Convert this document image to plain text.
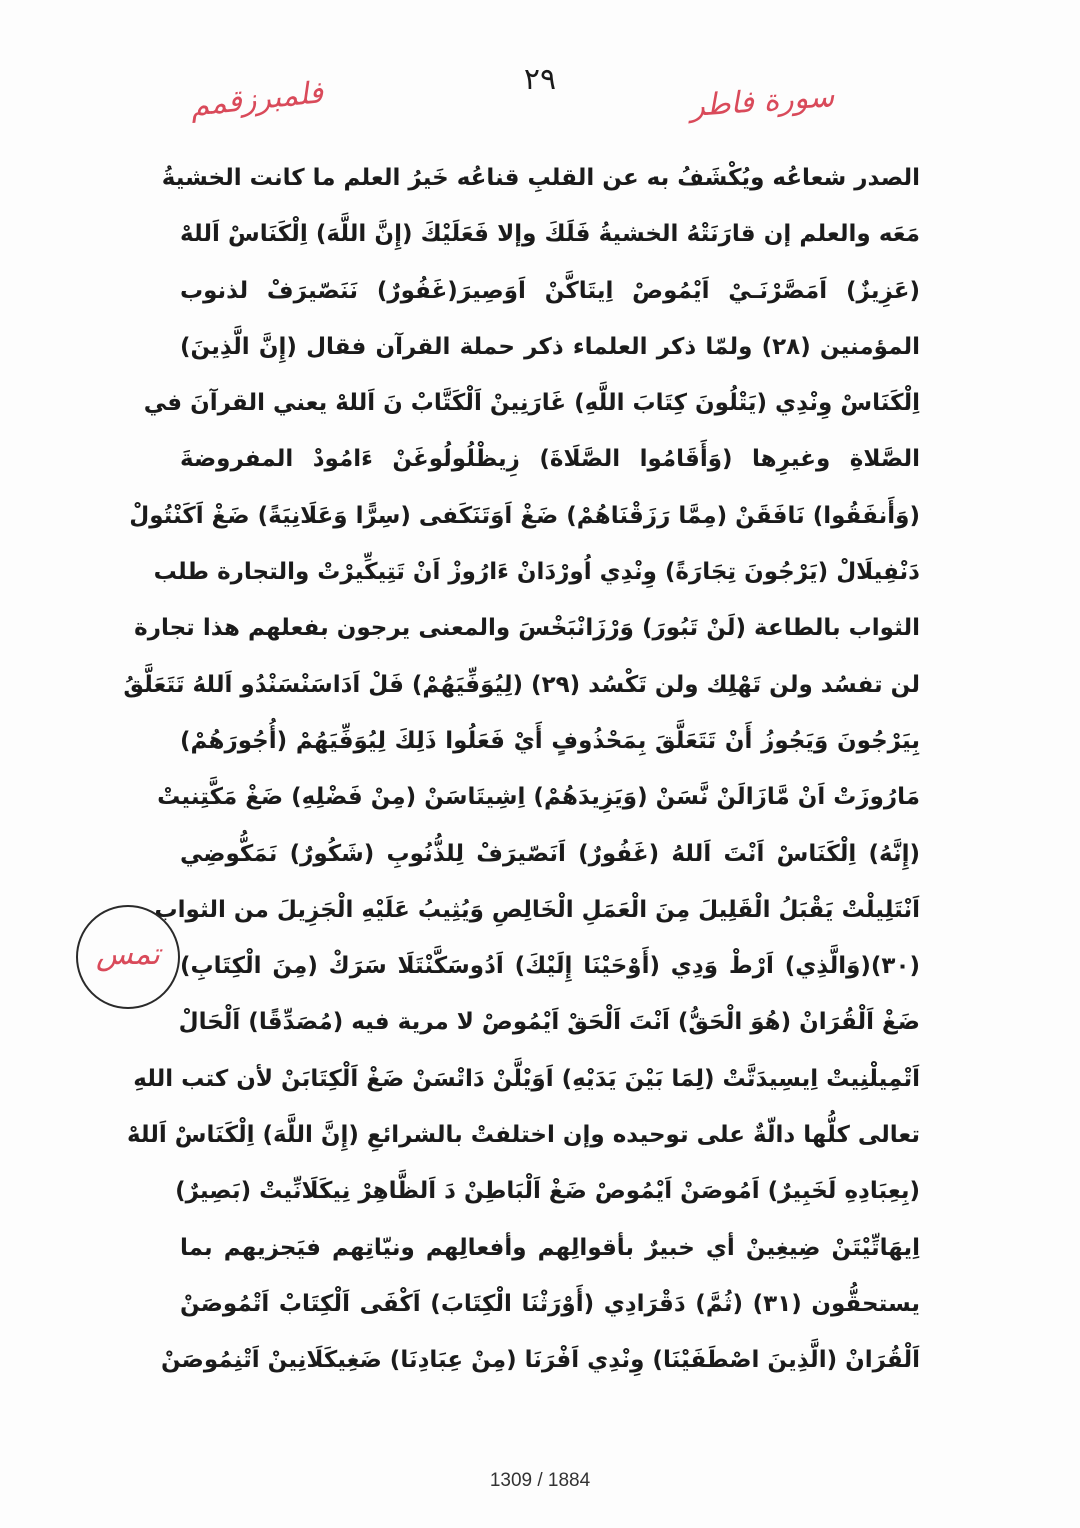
٢٩
فلمبرزقمم	سورة فاطر
الصدر شعاعُه ويُكْشَفُ به عن القلبِ قناعُه خَيرُ العلم ما كانت الخشيةُ
مَعَه والعلم إن قارَنَتْهُ الخشيةُ فَلَكَ وإلا فَعَلَيْكَ (إِنَّ اللَّهَ) اِلْكَنَاسْ اَللهْ
(عَزِيزٌ) اَمَصَّرْنَـيْ اَيْمُوصْ اِيتَاكَّنْ اَوَصِيرَ(غَفُورٌ) نَنَصّيرَفْ لذنوب
المؤمنين (٢٨) ولمّا ذكر العلماء ذكر حملة القرآن فقال (إِنَّ الَّذِينَ)
اِلْكَنَاسْ وِنْدِي (يَتْلُونَ كِتَابَ اللَّهِ) غَارَنِينْ اَلْكَتَّابْ نَ اَللهْ يعني القرآنَ في
الصَّلاةِ وغيرِها (وَأَقَامُوا الصَّلَاةَ) زِيظْلُولُوغَنْ ءَامُودْ المفروضةَ
(وَأَنفَقُوا) نَافَقَنْ (مِمَّا رَزَقْنَاهُمْ) ضَغْ اَوَتَنَكَفى (سِرًّا وَعَلَانِيَةً) ضَغْ اَكَنْتُولْ
دَنْفِيلَالْ (يَرْجُونَ تِجَارَةً) وِنْدِي اُورْدَانْ ءَارُوزْ اَنْ تَتِيكِّيرْتْ والتجارة طلب
الثواب بالطاعة (لَنْ تَبُورَ) وَرْزَانْبَخْسَ والمعنى يرجون بفعلهم هذا تجارة
لن تفسُد ولن تَهْلِك ولن تَكْسُد (٢٩) (لِيُوَفِّيَهُمْ) فَلْ اَدَاسَنْسَنْدُو اَللهُ تَتَعَلَّقُ
بِيَرْجُونَ وَيَجُوزُ أَنْ تَتَعَلَّقَ بِمَحْذُوفٍ أَيْ فَعَلُوا ذَلِكَ لِيُوَفِّيَهُمْ (أُجُورَهُمْ)
مَارُوزَتْ اَنْ مَّازَالَنْ نَّسَنْ (وَيَزِيدَهُمْ) اِشِيتَاسَنْ (مِنْ فَضْلِهِ) ضَغْ مَكَّتِنيتْ
(إِنَّهُ) اِلْكَنَاسْ اَنْتَ اَللهُ (غَفُورٌ) اَنَصّيرَفْ لِلذُّنُوبِ (شَكُورٌ) نَمَكُّوضِي
اَنْتَلِيلْتْ يَقْبَلُ الْقَلِيلَ مِنَ الْعَمَلِ الْخَالِصِ وَيُثِيبُ عَلَيْهِ الْجَزِيلَ من الثواب
(٣٠)(وَالَّذِي) اَرْطْ وَدِي (أَوْحَيْنَا إِلَيْكَ) اَدُوسَكَّنْتَلَا سَرَكْ (مِنَ الْكِتَابِ)
ضَغْ اَلْقُرَانْ (هُوَ الْحَقُّ) اَنْتَ اَلْحَقْ اَيْمُوصْ لا مرية فيه (مُصَدِّقًا) اَلْحَالْ
اَتْمِيلْنِيتْ اِيسِيدَتَّتْ (لِمَا بَيْنَ يَدَيْهِ) اَوَيْلَّنْ دَاتْسَنْ ضَغْ اَلْكِتَابَنْ لأن كتب اللهِ
تعالى كلُّها دالّةٌ على توحيده وإن اختلفتْ بالشرائعِ (إِنَّ اللَّهَ) اِلْكَنَاسْ اَللهْ
(بِعِبَادِهِ لَخَبِيرٌ) اَمُوصَنْ اَيْمُوصْ ضَغْ اَلْبَاطِنْ دَ اَلظَّاهِرْ نِيكَلَانِّيتْ (بَصِيرٌ)
اِيهَاتِّيْتَنْ ضِيغِينْ أي خبيرٌ بأقوالِهم وأفعالِهم ونيّاتِهم فيَجزيهم بما
يستحقُّون (٣١) (ثُمَّ) دَقْرَادِي (أَوْرَثْنَا الْكِتَابَ) اَكْفَى اَلْكِتَابْ اَتْمُوصَنْ
اَلْقُرَانْ (الَّذِينَ اصْطَفَيْنَا) وِنْدِي اَفْرَنَا (مِنْ عِبَادِنَا) ضَغِيكَلَانِينْ اَتْنِمُوصَنْ
تمس
1309 / 1884
